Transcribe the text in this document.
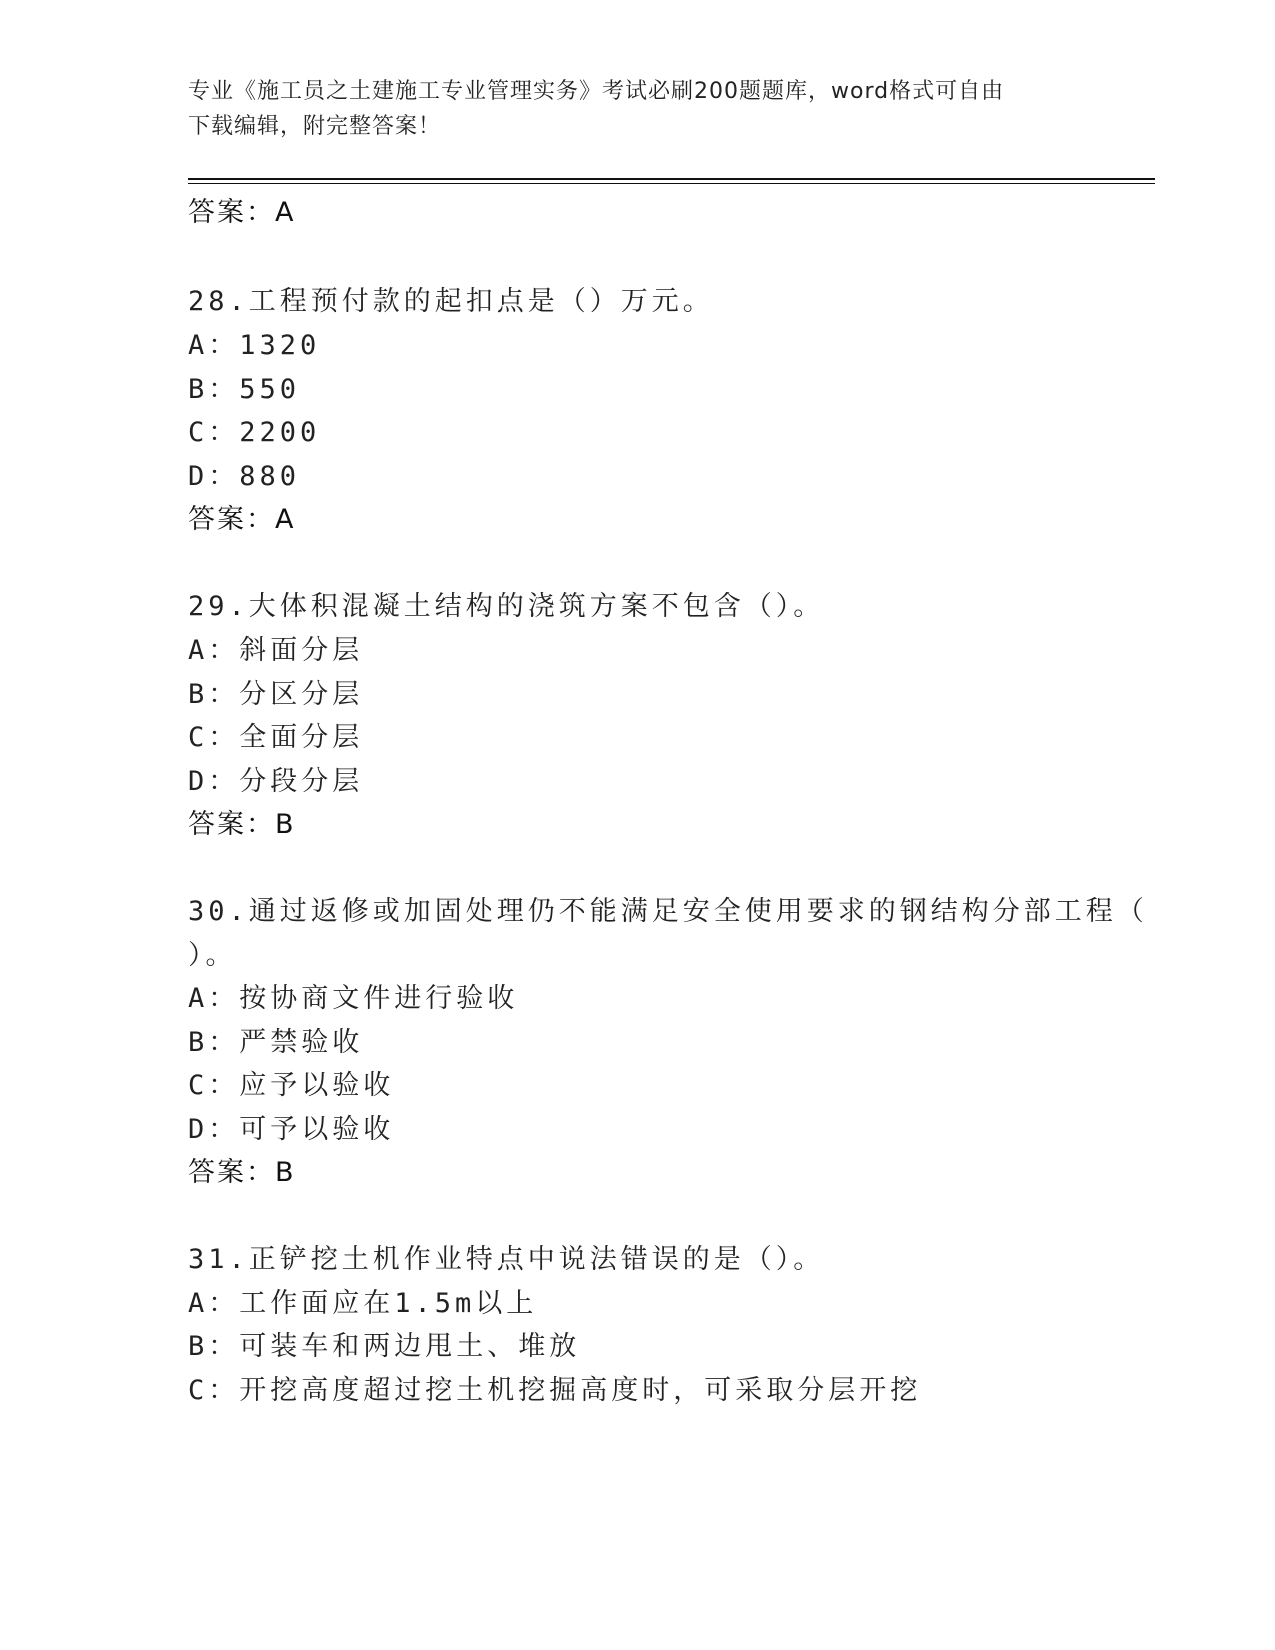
专业《施工员之土建施工专业管理实务》考试必刷200题题库，word格式可自由
下载编辑，附完整答案！
答案：A
28.工程预付款的起扣点是（）万元。
A：1320
B：550
C：2200
D：880
答案：A
29.大体积混凝土结构的浇筑方案不包含（）。
A：斜面分层
B：分区分层
C：全面分层
D：分段分层
答案：B
30.通过返修或加固处理仍不能满足安全使用要求的钢结构分部工程（
）。
A：按协商文件进行验收
B：严禁验收
C：应予以验收
D：可予以验收
答案：B
31.正铲挖土机作业特点中说法错误的是（）。
A：工作面应在1.5m以上
B：可装车和两边甩土、堆放
C：开挖高度超过挖土机挖掘高度时，可采取分层开挖
